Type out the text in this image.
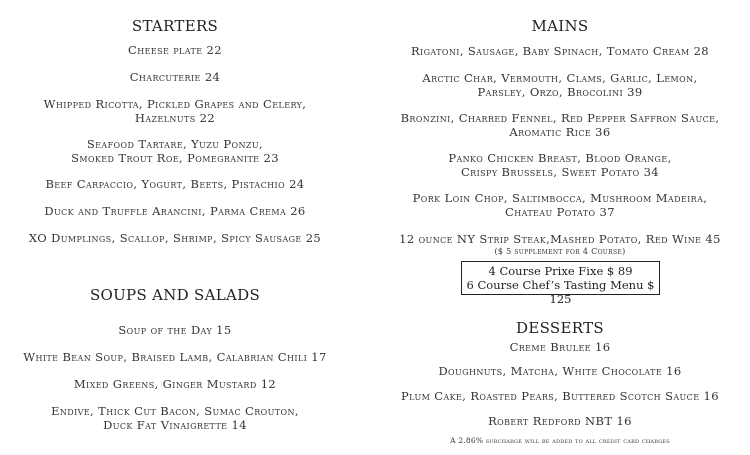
STARTERS
Cheese plate 22
Charcuterie 24
Whipped Ricotta, Pickled Grapes and Celery,
Hazelnuts 22
Seafood Tartare, Yuzu Ponzu,
Smoked Trout Roe, Pomegranite 23
Beef Carpaccio, Yogurt, Beets, Pistachio 24
Duck and Truffle Arancini, Parma Crema 26
XO Dumplings, Scallop, Shrimp, Spicy Sausage 25
SOUPS AND SALADS
Soup of the Day 15
White Bean Soup, Braised Lamb, Calabrian Chili 17
Mixed Greens, Ginger Mustard 12
Endive, Thick Cut Bacon, Sumac Crouton,
Duck Fat Vinaigrette 14
MAINS
Rigatoni, Sausage, Baby Spinach, Tomato Cream 28
Arctic Char, Vermouth, Clams, Garlic, Lemon,
Parsley, Orzo, Brocolini 39
Bronzini, Charred Fennel, Red Pepper Saffron Sauce,
Aromatic Rice 36
Panko Chicken Breast, Blood Orange,
Crispy Brussels, Sweet Potato 34
Pork Loin Chop, Saltimbocca, Mushroom Madeira,
Chateau Potato 37
12 ounce NY Strip Steak,Mashed Potato, Red Wine 45
($ 5 supplement for 4 Course)
4 Course Prixe Fixe $ 89
6 Course Chef’s Tasting Menu $ 125
DESSERTS
Creme Brulee 16
Doughnuts, Matcha, White Chocolate 16
Plum Cake, Roasted Pears, Buttered Scotch Sauce 16
Robert Redford NBT 16
A 2.86% surcharge will be added to all credit card charges
